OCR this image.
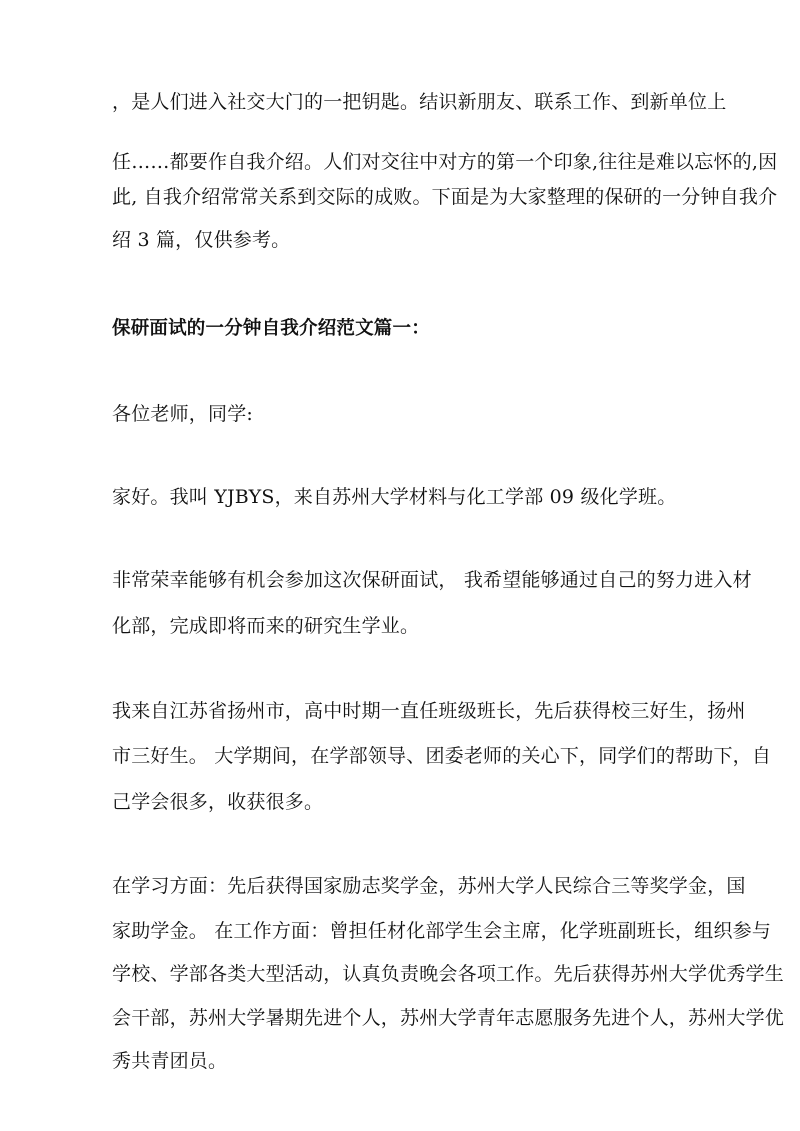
，是人们进入社交大门的一把钥匙。结识新朋友、联系工作、到新单位上
任……都要作自我介绍。人们对交往中对方的第一个印象,往往是难以忘怀的,因
此, 自我介绍常常关系到交际的成败。下面是为大家整理的保研的一分钟自我介
绍 3 篇，仅供参考。
保研面试的一分钟自我介绍范文篇一：
各位老师，同学:
家好。我叫 YJBYS，来自苏州大学材料与化工学部 09 级化学班。
非常荣幸能够有机会参加这次保研面试， 我希望能够通过自己的努力进入材
化部，完成即将而来的研究生学业。
我来自江苏省扬州市，高中时期一直任班级班长，先后获得校三好生，扬州
市三好生。 大学期间，在学部领导、团委老师的关心下，同学们的帮助下，自
己学会很多，收获很多。
在学习方面：先后获得国家励志奖学金，苏州大学人民综合三等奖学金，国
家助学金。 在工作方面：曾担任材化部学生会主席，化学班副班长，组织参与
学校、学部各类大型活动，认真负责晚会各项工作。先后获得苏州大学优秀学生
会干部，苏州大学暑期先进个人，苏州大学青年志愿服务先进个人，苏州大学优
秀共青团员。
